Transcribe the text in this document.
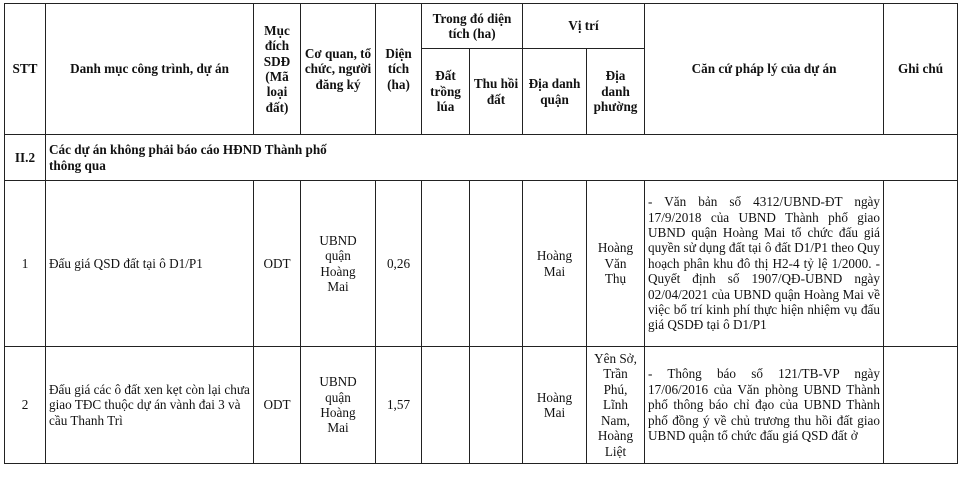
STT	Danh mục công trình, dự án	Mục đích SDĐ (Mã loại đất)	Cơ quan, tổ chức, người đăng ký	Diện tích (ha)	Trong đó diện tích (ha)		Vị trí		Căn cứ pháp lý của dự án	Ghi chú
					Đất trồng lúa	Thu hồi đất	Địa danh quận	Địa danh phường		
II.2	Các dự án không phải báo cáo HĐND Thành phố thông qua									
1	Đấu giá QSD đất tại ô D1/P1	ODT	UBND quận Hoàng Mai	0,26			Hoàng Mai	Hoàng Văn Thụ	- Văn bản số 4312/UBND-ĐT ngày 17/9/2018 của UBND Thành phố giao UBND quận Hoàng Mai tổ chức đấu giá quyền sử dụng đất tại ô đất D1/P1 theo Quy hoạch phân khu đô thị H2-4 tỷ lệ 1/2000. - Quyết định số 1907/QĐ-UBND ngày 02/04/2021 của UBND quận Hoàng Mai về việc bố trí kinh phí thực hiện nhiệm vụ đấu giá QSDĐ tại ô D1/P1	
2	Đấu giá các ô đất xen kẹt còn lại chưa giao TĐC thuộc dự án vành đai 3 và cầu Thanh Trì	ODT	UBND quận Hoàng Mai	1,57			Hoàng Mai	Yên Sở, Trần Phú, Lĩnh Nam, Hoàng Liệt	- Thông báo số 121/TB-VP ngày 17/06/2016 của Văn phòng UBND Thành phố thông báo chỉ đạo của UBND Thành phố đồng ý về chủ trương thu hồi đất giao UBND quận tổ chức đấu giá QSD đất ở	
